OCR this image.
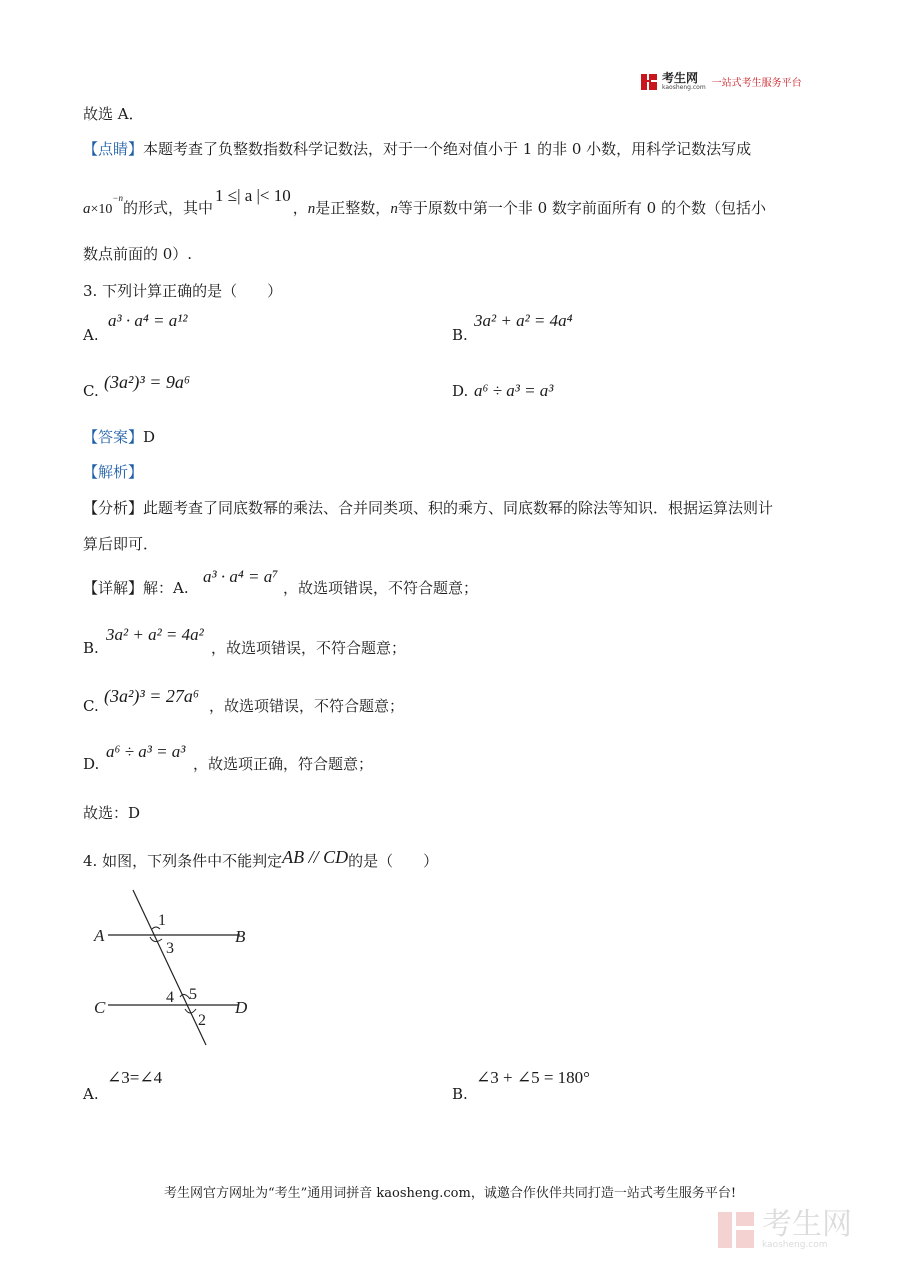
考生网
kaosheng.com 一站式考生服务平台
故选 A．
【点睛】本题考查了负整数指数科学记数法，对于一个绝对值小于 1 的非 0 小数，用科学记数法写成
$a\times 10^{-n}$的形式，其中1 ≤| a |< 10，n是正整数，n等于原数中第一个非 0 数字前面所有 0 的个数（包括小
数点前面的 0）.
3. 下列计算正确的是（　　）
A.
a³ · a⁴ = a¹²
B.
3a² + a² = 4a⁴
C. (3a²)³ = 9a⁶	D. a⁶ ÷ a³ = a³
【答案】D
【解析】
【分析】此题考查了同底数幂的乘法、合并同类项、积的乘方、同底数幂的除法等知识．根据运算法则计
算后即可．
【详解】解：A.
a³ · a⁴ = a⁷
，故选项错误，不符合题意；
B.
3a² + a² = 4a²
，故选项错误，不符合题意；
C. (3a²)³ = 27a⁶ ，故选项错误，不符合题意；
D.
a⁶ ÷ a³ = a³
，故选项正确，符合题意；
故选：D
4. 如图，下列条件中不能判定AB // CD的是（　　）
A	B
C	D
1
3
4 5
2
A.
∠3=∠4
B.
∠3 + ∠5 = 180°
考生网官方网址为“考生”通用词拼音 kaosheng.com，诚邀合作伙伴共同打造一站式考生服务平台!
考生网
kaosheng.com
